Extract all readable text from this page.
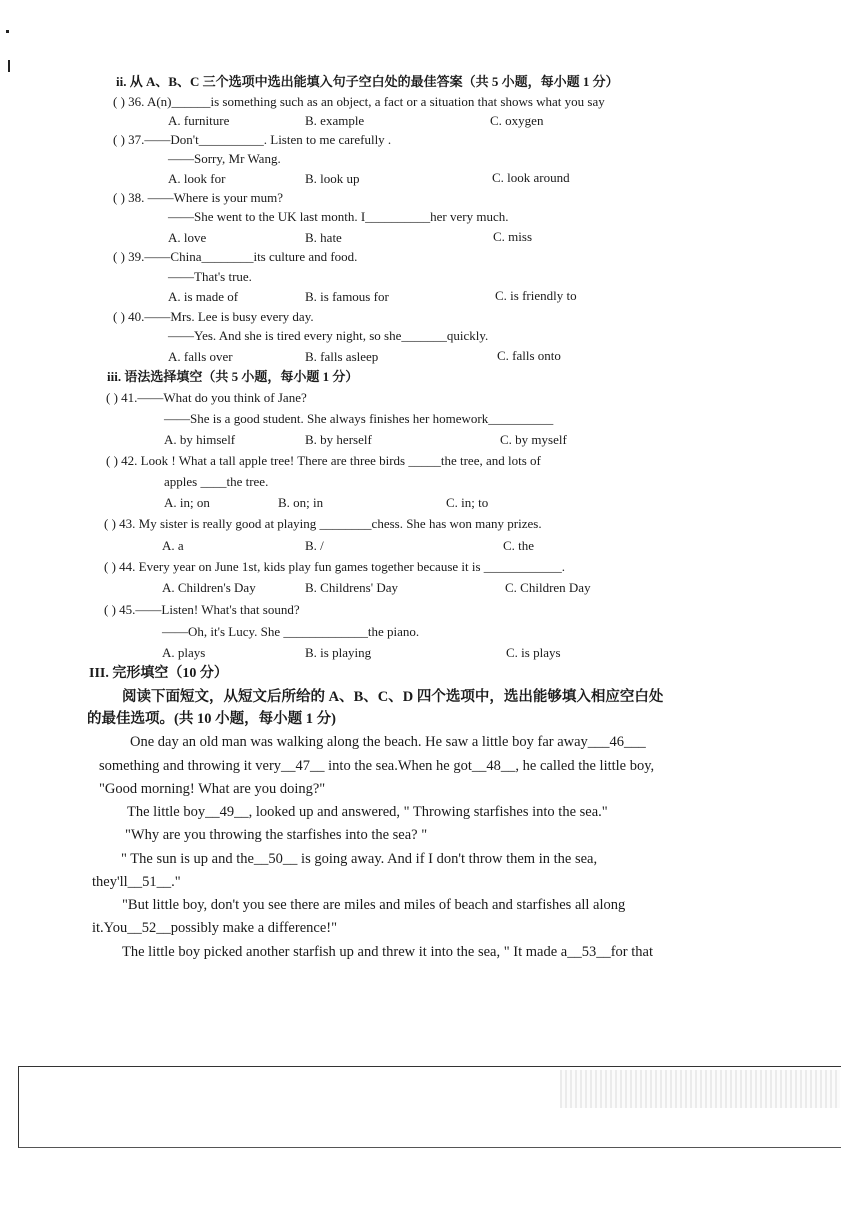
ii. 从 A、B、C 三个选项中选出能填入句子空白处的最佳答案（共 5 小题，每小题 1 分）
( ) 36. A(n)______is something such as an object, a fact or a situation that shows what you say
A. furniture	B. example	C. oxygen
( ) 37.——Don't__________. Listen to me carefully .
——Sorry, Mr Wang.
A. look for	B. look up	C. look around
( ) 38. ——Where is your mum?
——She went to the UK last month. I__________her very much.
A. love	B. hate	C. miss
( ) 39.——China________its culture and food.
——That's true.
A. is made of	B. is famous for	C. is friendly to
( ) 40.——Mrs. Lee is busy every day.
——Yes. And she is tired every night, so she_______quickly.
A. falls over	B. falls asleep	C. falls onto
iii. 语法选择填空（共 5 小题，每小题 1 分）
( ) 41.——What do you think of Jane?
——She is a good student. She always finishes her homework__________
A. by himself	B. by herself	C. by myself
( ) 42. Look ! What a tall apple tree! There are three birds _____the tree, and lots of
apples ____the tree.
A. in; on	B. on; in	C. in; to
( ) 43. My sister is really good at playing ________chess. She has won many prizes.
A. a	B. /	C. the
( ) 44. Every year on June 1st, kids play fun games together because it is ____________.
A. Children's Day	B. Childrens' Day	C. Children Day
( ) 45.——Listen! What's that sound?
——Oh, it's Lucy. She _____________the piano.
A. plays	B. is playing	C. is plays
III. 完形填空（10 分）
阅读下面短文，从短文后所给的 A、B、C、D 四个选项中，选出能够填入相应空白处
的最佳选项。(共 10 小题，每小题 1 分)
One day an old man was walking along the beach. He saw a little boy far away___46___
something and throwing it very__47__ into the sea.When he got__48__, he called the little boy,
"Good morning! What are you doing?"
The little boy__49__, looked up and answered, " Throwing starfishes into the sea."
"Why are you throwing the starfishes into the sea? "
" The sun is up and the__50__ is going away. And if I don't throw them in the sea,
they'll__51__."
"But little boy, don't you see there are miles and miles of beach and starfishes all along
it.You__52__possibly make a difference!"
The little boy picked another starfish up and threw it into the sea, " It made a__53__for that
